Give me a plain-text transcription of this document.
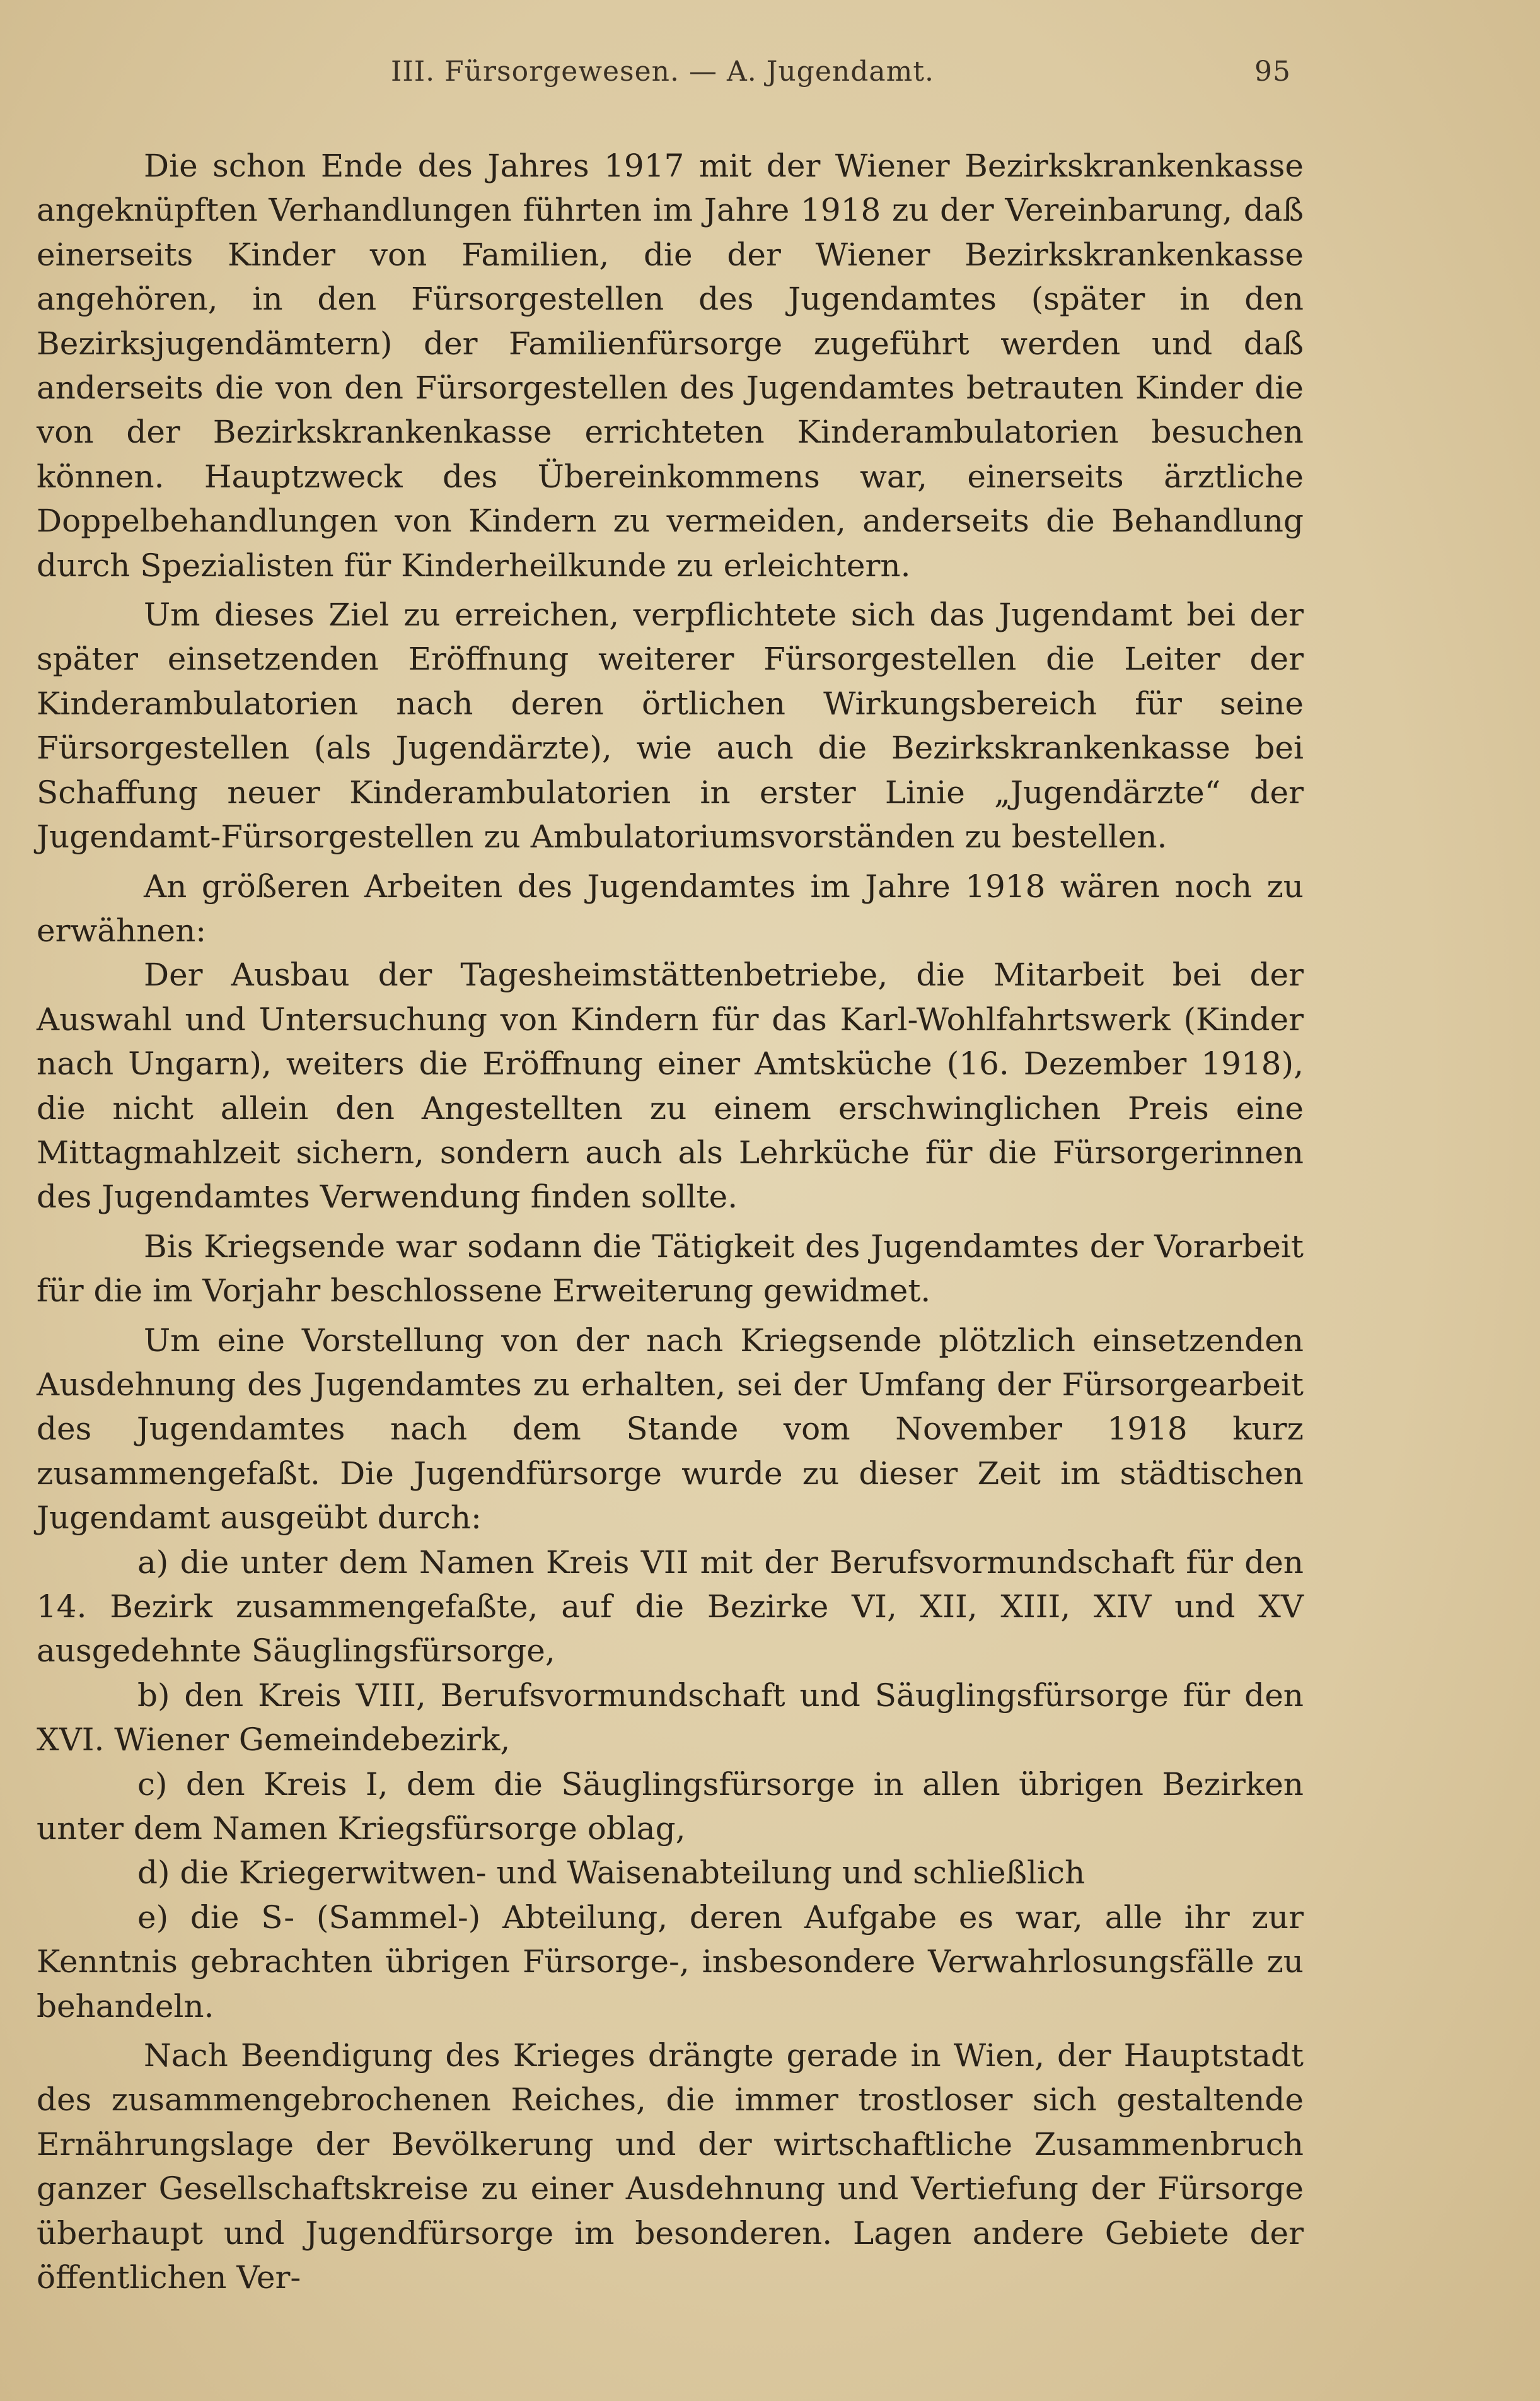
III. Fürsorgewesen. — A. Jugendamt.	95

Die schon Ende des Jahres 1917 mit der Wiener Bezirkskrankenkasse angeknüpften Verhandlungen führten im Jahre 1918 zu der Vereinbarung, daß einerseits Kinder von Familien, die der Wiener Bezirkskrankenkasse angehören, in den Fürsorgestellen des Jugendamtes (später in den Bezirksjugendämtern) der Familienfürsorge zugeführt werden und daß anderseits die von den Fürsorgestellen des Jugendamtes betrauten Kinder die von der Bezirkskrankenkasse errichteten Kinderambulatorien besuchen können. Hauptzweck des Übereinkommens war, einerseits ärztliche Doppelbehandlungen von Kindern zu vermeiden, anderseits die Behandlung durch Spezialisten für Kinderheilkunde zu erleichtern.

Um dieses Ziel zu erreichen, verpflichtete sich das Jugendamt bei der später einsetzenden Eröffnung weiterer Fürsorgestellen die Leiter der Kinderambulatorien nach deren örtlichen Wirkungsbereich für seine Fürsorgestellen (als Jugendärzte), wie auch die Bezirkskrankenkasse bei Schaffung neuer Kinderambulatorien in erster Linie „Jugendärzte“ der Jugendamt-Fürsorgestellen zu Ambulatoriumsvorständen zu bestellen.

An größeren Arbeiten des Jugendamtes im Jahre 1918 wären noch zu erwähnen:

Der Ausbau der Tagesheimstättenbetriebe, die Mitarbeit bei der Auswahl und Untersuchung von Kindern für das Karl-Wohlfahrtswerk (Kinder nach Ungarn), weiters die Eröffnung einer Amtsküche (16. Dezember 1918), die nicht allein den Angestellten zu einem erschwinglichen Preis eine Mittagmahlzeit sichern, sondern auch als Lehrküche für die Fürsorgerinnen des Jugendamtes Verwendung finden sollte.

Bis Kriegsende war sodann die Tätigkeit des Jugendamtes der Vorarbeit für die im Vorjahr beschlossene Erweiterung gewidmet.

Um eine Vorstellung von der nach Kriegsende plötzlich einsetzenden Ausdehnung des Jugendamtes zu erhalten, sei der Umfang der Fürsorgearbeit des Jugendamtes nach dem Stande vom November 1918 kurz zusammengefaßt. Die Jugendfürsorge wurde zu dieser Zeit im städtischen Jugendamt ausgeübt durch:

a) die unter dem Namen Kreis VII mit der Berufsvormundschaft für den 14. Bezirk zusammengefaßte, auf die Bezirke VI, XII, XIII, XIV und XV ausgedehnte Säuglingsfürsorge,

b) den Kreis VIII, Berufsvormundschaft und Säuglingsfürsorge für den XVI. Wiener Gemeindebezirk,

c) den Kreis I, dem die Säuglingsfürsorge in allen übrigen Bezirken unter dem Namen Kriegsfürsorge oblag,

d) die Kriegerwitwen- und Waisenabteilung und schließlich

e) die S- (Sammel-) Abteilung, deren Aufgabe es war, alle ihr zur Kenntnis gebrachten übrigen Fürsorge-, insbesondere Verwahrlosungsfälle zu behandeln.

Nach Beendigung des Krieges drängte gerade in Wien, der Hauptstadt des zusammengebrochenen Reiches, die immer trostloser sich gestaltende Ernährungslage der Bevölkerung und der wirtschaftliche Zusammenbruch ganzer Gesellschaftskreise zu einer Ausdehnung und Vertiefung der Fürsorge überhaupt und Jugendfürsorge im besonderen. Lagen andere Gebiete der öffentlichen Ver-
